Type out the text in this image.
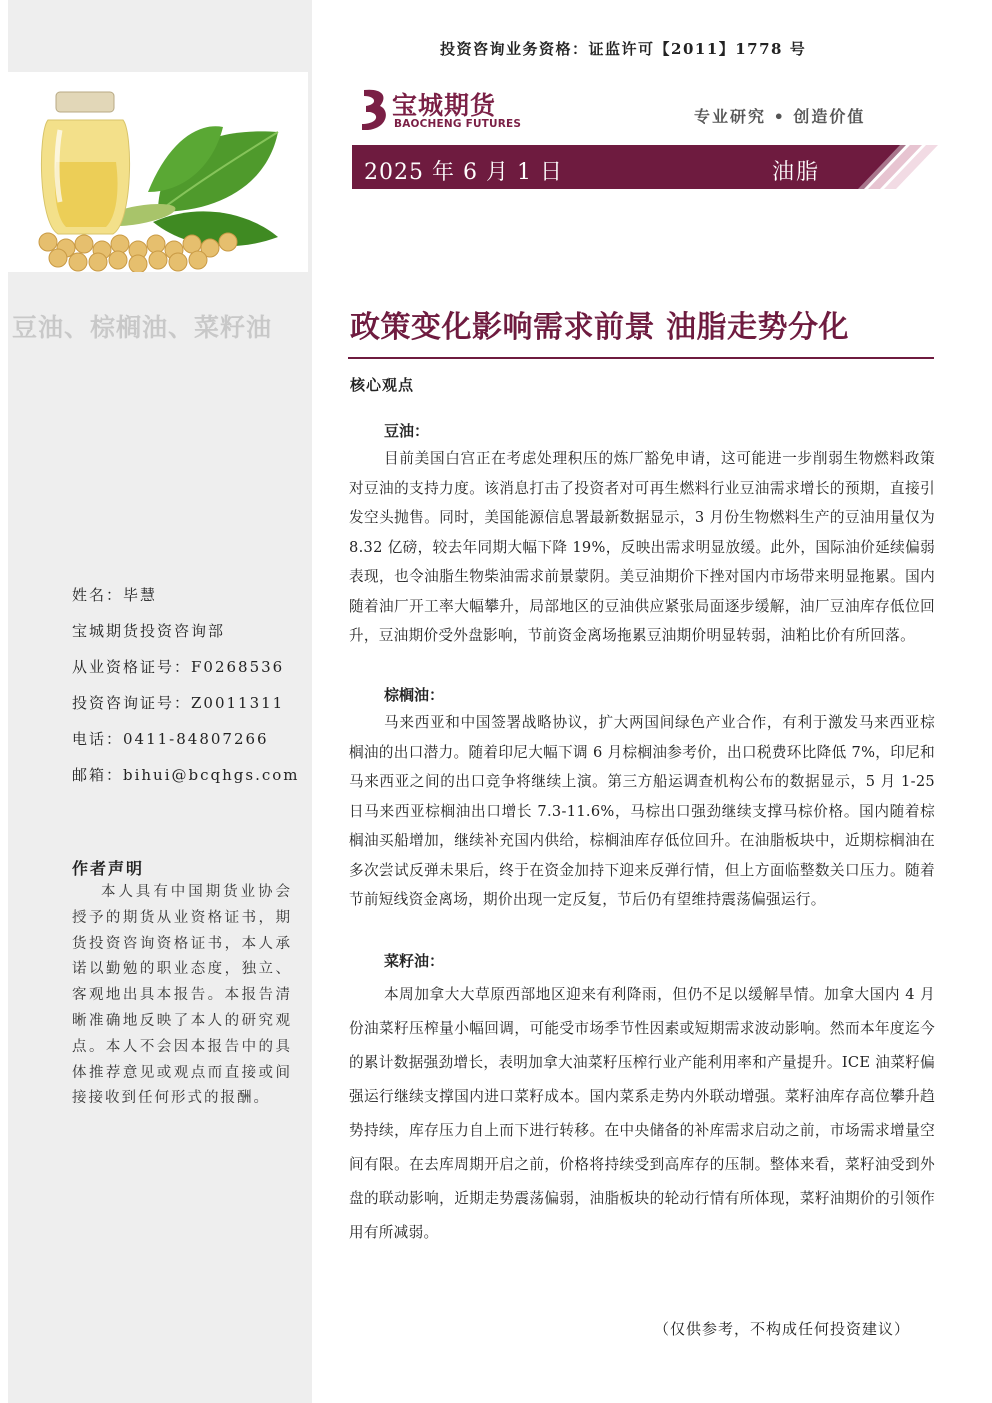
豆油、棕榈油、菜籽油
姓名：毕慧
宝城期货投资咨询部
从业资格证号：F0268536
投资咨询证号：Z0011311
电话：0411-84807266
邮箱：bihui@bcqhgs.com
作者声明
本人具有中国期货业协会授予的期货从业资格证书，期货投资咨询资格证书，本人承诺以勤勉的职业态度，独立、客观地出具本报告。本报告清晰准确地反映了本人的研究观点。本人不会因本报告中的具体推荐意见或观点而直接或间接接收到任何形式的报酬。
投资咨询业务资格：证监许可【2011】1778 号
宝城期货
BAOCHENG FUTURES	专业研究 • 创造价值
2025 年 6 月 1 日	油脂
政策变化影响需求前景 油脂走势分化
核心观点
豆油：
目前美国白宫正在考虑处理积压的炼厂豁免申请，这可能进一步削弱生物燃料政策对豆油的支持力度。该消息打击了投资者对可再生燃料行业豆油需求增长的预期，直接引发空头抛售。同时，美国能源信息署最新数据显示，3 月份生物燃料生产的豆油用量仅为 8.32 亿磅，较去年同期大幅下降 19%，反映出需求明显放缓。此外，国际油价延续偏弱表现，也令油脂生物柴油需求前景蒙阴。美豆油期价下挫对国内市场带来明显拖累。国内随着油厂开工率大幅攀升，局部地区的豆油供应紧张局面逐步缓解，油厂豆油库存低位回升，豆油期价受外盘影响，节前资金离场拖累豆油期价明显转弱，油粕比价有所回落。
棕榈油：
马来西亚和中国签署战略协议，扩大两国间绿色产业合作，有利于激发马来西亚棕榈油的出口潜力。随着印尼大幅下调 6 月棕榈油参考价，出口税费环比降低 7%，印尼和马来西亚之间的出口竞争将继续上演。第三方船运调查机构公布的数据显示，5 月 1-25 日马来西亚棕榈油出口增长 7.3-11.6%，马棕出口强劲继续支撑马棕价格。国内随着棕榈油买船增加，继续补充国内供给，棕榈油库存低位回升。在油脂板块中，近期棕榈油在多次尝试反弹未果后，终于在资金加持下迎来反弹行情，但上方面临整数关口压力。随着节前短线资金离场，期价出现一定反复，节后仍有望维持震荡偏强运行。
菜籽油：
本周加拿大大草原西部地区迎来有利降雨，但仍不足以缓解旱情。加拿大国内 4 月份油菜籽压榨量小幅回调，可能受市场季节性因素或短期需求波动影响。然而本年度迄今的累计数据强劲增长，表明加拿大油菜籽压榨行业产能利用率和产量提升。ICE 油菜籽偏强运行继续支撑国内进口菜籽成本。国内菜系走势内外联动增强。菜籽油库存高位攀升趋势持续，库存压力自上而下进行转移。在中央储备的补库需求启动之前，市场需求增量空间有限。在去库周期开启之前，价格将持续受到高库存的压制。整体来看，菜籽油受到外盘的联动影响，近期走势震荡偏弱，油脂板块的轮动行情有所体现，菜籽油期价的引领作用有所减弱。
（仅供参考，不构成任何投资建议）
